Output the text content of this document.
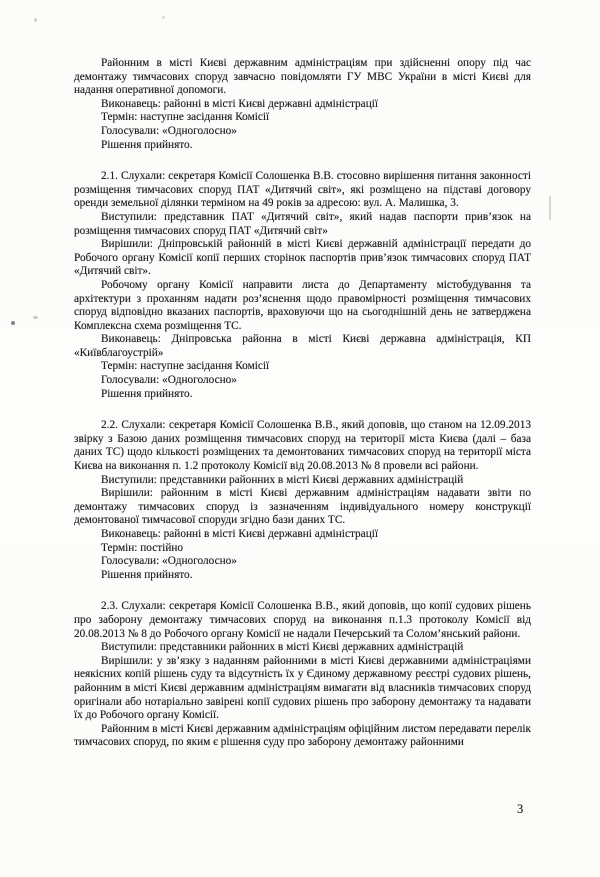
Районним в місті Києві державним адміністраціям при здійсненні опору під час демонтажу тимчасових споруд завчасно повідомляти ГУ МВС України в місті Києві для надання оперативної допомоги.

Виконавець: районні в місті Києві державні адміністрації

Термін: наступне засідання Комісії

Голосували: «Одноголосно»

Рішення прийнято.

2.1. Слухали: секретаря Комісії Солошенка В.В. стосовно вирішення питання законності розміщення тимчасових споруд ПАТ «Дитячий світ», які розміщено на підставі договору оренди земельної ділянки терміном на 49 років за адресою: вул. А. Малишка, 3.

Виступили: представник ПАТ «Дитячий світ», який надав паспорти прив’язок на розміщення тимчасових споруд ПАТ «Дитячий світ»

Вирішили: Дніпровській районній в місті Києві державній адміністрації передати до Робочого органу Комісії копії перших сторінок паспортів прив’язок тимчасових споруд ПАТ «Дитячий світ».

Робочому органу Комісії направити листа до Департаменту містобудування та архітектури з проханням надати роз’яснення щодо правомірності розміщення тимчасових споруд відповідно вказаних паспортів, враховуючи що на сьогоднішній день не затверджена Комплексна схема розміщення ТС.

Виконавець: Дніпровська районна в місті Києві державна адміністрація, КП «Київблагоустрій»

Термін: наступне засідання Комісії

Голосували: «Одноголосно»

Рішення прийнято.

2.2. Слухали: секретаря Комісії Солошенка В.В., який доповів, що станом на 12.09.2013 звірку з Базою даних розміщення тимчасових споруд на території міста Києва (далі – база даних ТС) щодо кількості розміщених та демонтованих тимчасових споруд на території міста Києва на виконання п. 1.2 протоколу Комісії від 20.08.2013 № 8 провели всі райони.

Виступили: представники районних в місті Києві державних адміністрацій

Вирішили: районним в місті Києві державним адміністраціям надавати звіти по демонтажу тимчасових споруд із зазначенням індивідуального номеру конструкції демонтованої тимчасової споруди згідно бази даних ТС.

Виконавець: районні в місті Києві державні адміністрації

Термін: постійно

Голосували: «Одноголосно»

Рішення прийнято.

2.3. Слухали: секретаря Комісії Солошенка В.В., який доповів, що копії судових рішень про заборону демонтажу тимчасових споруд на виконання п.1.3 протоколу Комісії від 20.08.2013 № 8 до Робочого органу Комісії не надали Печерський та Солом’янський райони.

Виступили: представники районних в місті Києві державних адміністрацій

Вирішили: у зв’язку з наданням районними в місті Києві державними адміністраціями неякісних копій рішень суду та відсутність їх у Єдиному державному реєстрі судових рішень, районним в місті Києві державним адміністраціям вимагати від власників тимчасових споруд оригінали або нотаріально завірені копії судових рішень про заборону демонтажу та надавати їх до Робочого органу Комісії.

Районним в місті Києві державним адміністраціям офіційним листом передавати перелік тимчасових споруд, по яким є рішення суду про заборону демонтажу районними

3
